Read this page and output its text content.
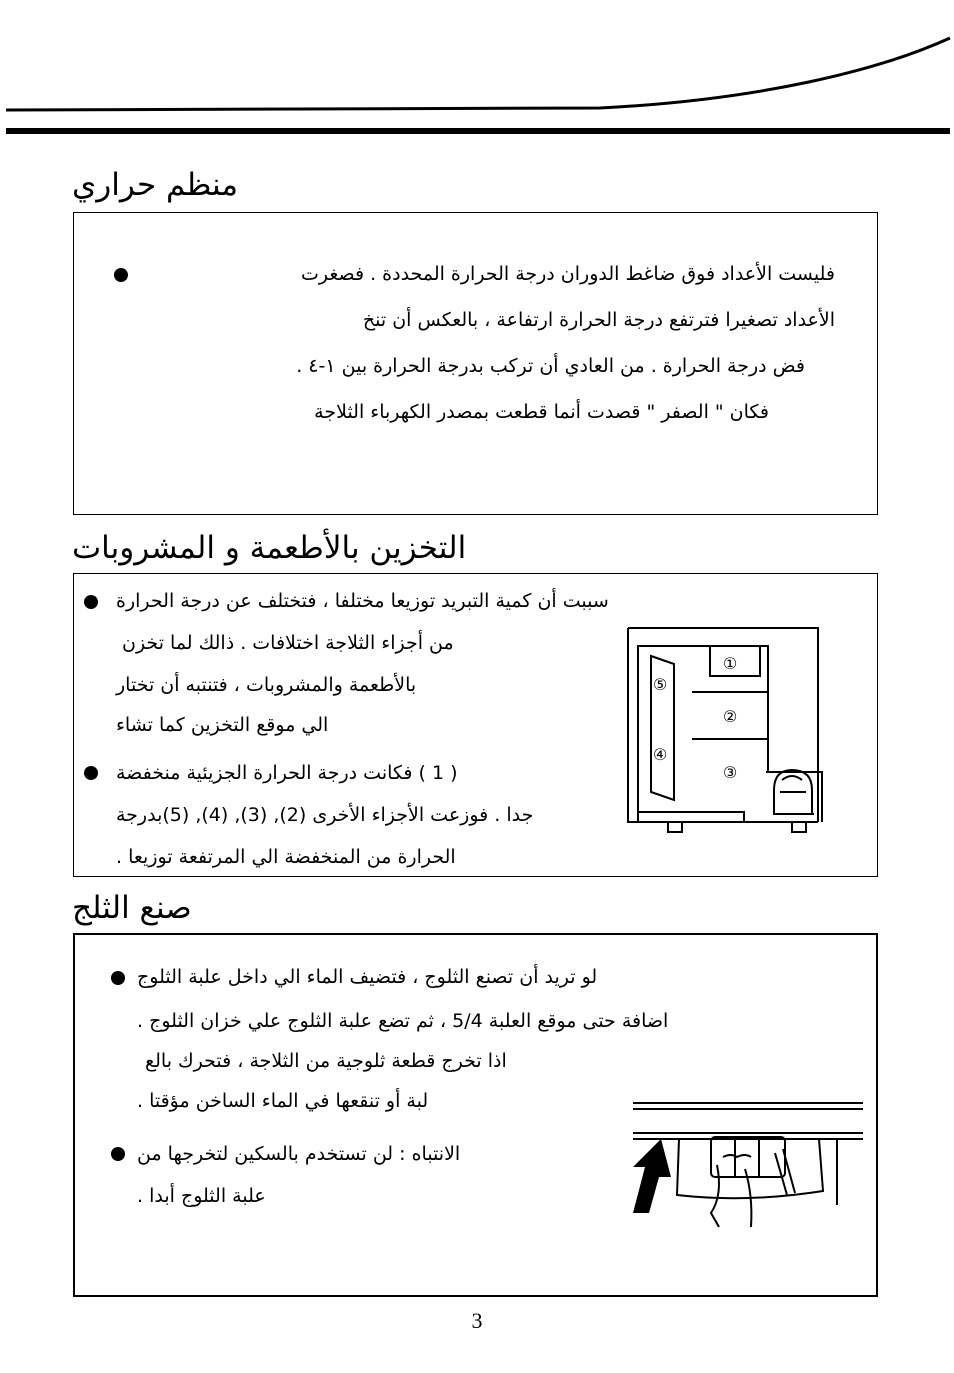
منظم حراري
فليست الأعداد فوق ضاغط الدوران درجة الحرارة المحددة . فصغرت
الأعداد تصغيرا فترتفع درجة الحرارة ارتفاعة ، بالعكس أن تنخ
فض درجة الحرارة . من العادي أن تركب بدرجة الحرارة بين ١-٤ .
فكان " الصفر " قصدت أنما قطعت بمصدر الكهرباء الثلاجة
التخزين بالأطعمة و المشروبات
سببت أن كمية التبريد توزيعا مختلفا ، فتختلف عن درجة الحرارة
من أجزاء الثلاجة اختلافات . ذالك لما تخزن
بالأطعمة والمشروبات ، فتنتبه أن تختار
الي موقع التخزين كما تشاء
( 1 ) فكانت درجة الحرارة الجزيئية منخفضة
جدا . فوزعت الأجزاء الأخرى (2), (3), (4), (5)بدرجة
الحرارة من المنخفضة الي المرتفعة توزيعا .
①
②
③
④
⑤
صنع الثلج
لو تريد أن تصنع الثلوج ، فتضيف الماء الي داخل علبة الثلوج
اضافة حتى موقع العلبة 5/4 ، ثم تضع علبة الثلوج علي خزان الثلوج .
اذا تخرج قطعة ثلوجية من الثلاجة ، فتحرك بالع
لبة أو تنقعها في الماء الساخن مؤقتا .
الانتباه : لن تستخدم بالسكين لتخرجها من
علبة الثلوج أبدا .
3
